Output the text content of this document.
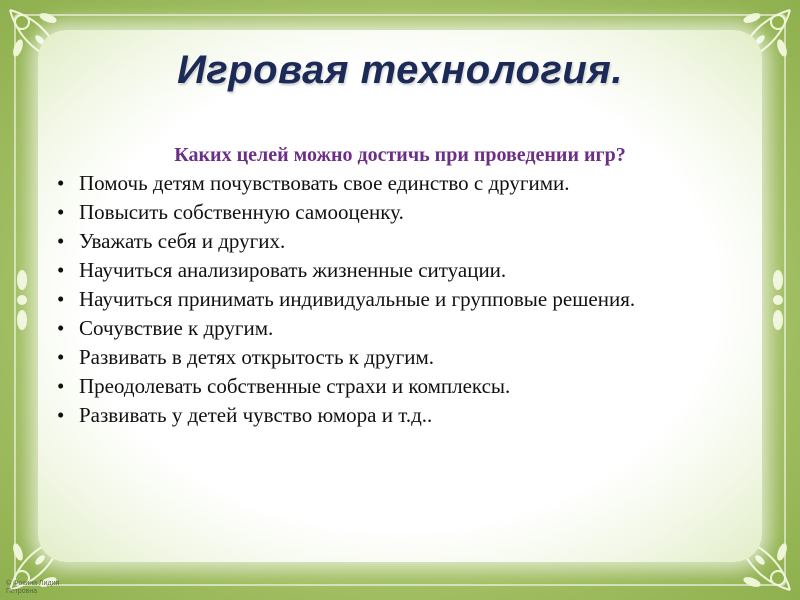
Игровая технология.
Каких целей можно достичь при проведении игр?
• Помочь детям почувствовать свое единство с другими.
• Повысить собственную самооценку.
• Уважать себя и других.
• Научиться анализировать жизненные ситуации.
• Научиться принимать индивидуальные и групповые решения.
• Сочувствие к другим.
• Развивать в детях открытость к другим.
• Преодолевать собственные страхи и комплексы.
• Развивать у детей чувство юмора и т.д..
© Фокина Лидия
Петровна
